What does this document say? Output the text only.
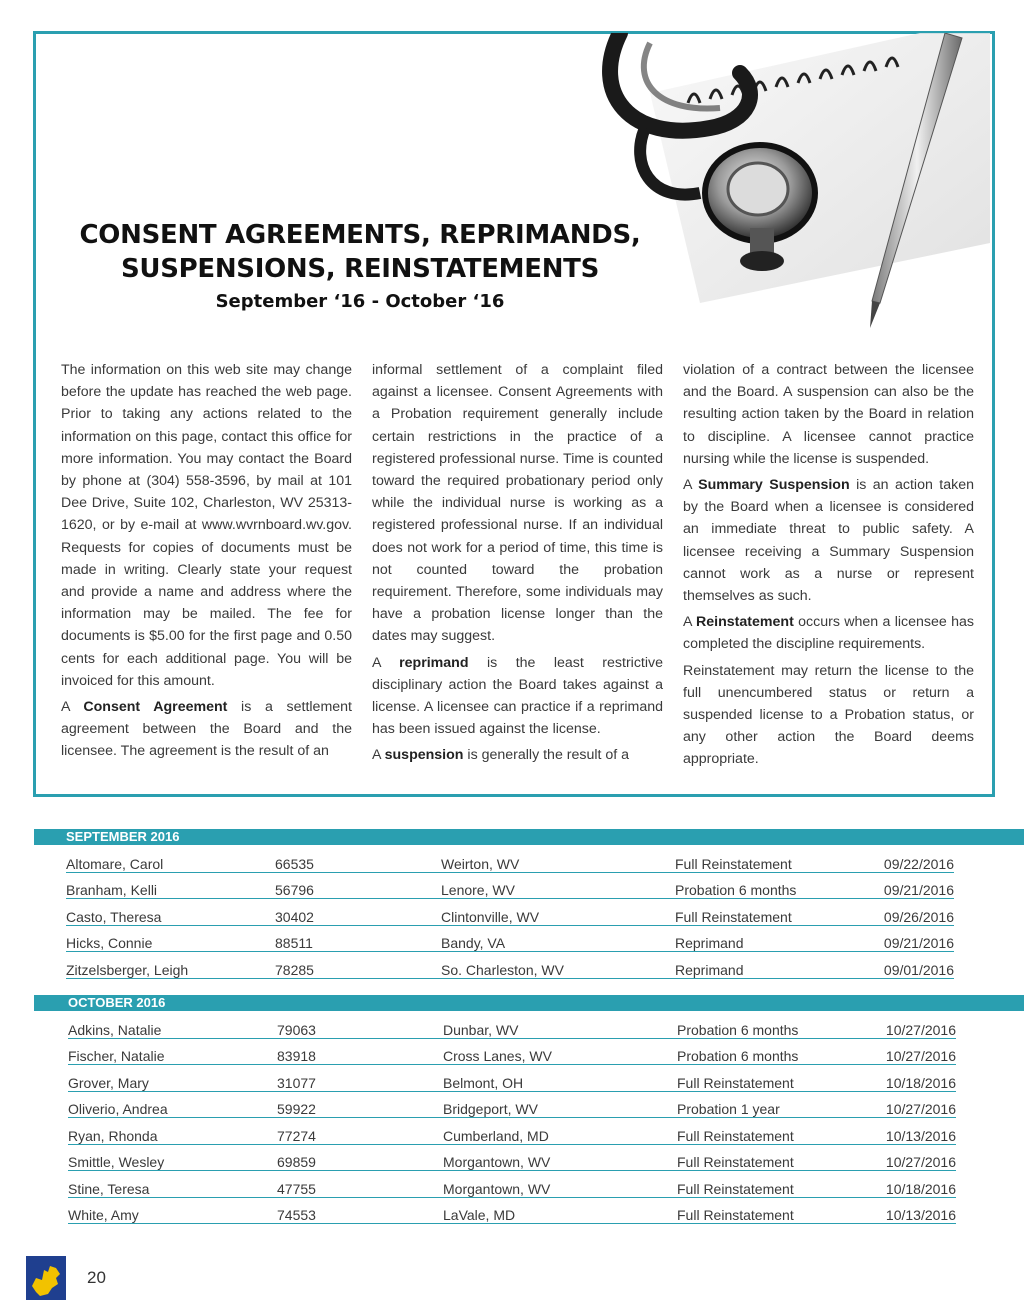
CONSENT AGREEMENTS, REPRIMANDS,
SUSPENSIONS, REINSTATEMENTS
September ‘16 - October ‘16

The information on this web site may change before the update has reached the web page. Prior to taking any actions related to the information on this page, contact this office for more information. You may contact the Board by phone at (304) 558-3596, by mail at 101 Dee Drive, Suite 102, Charleston, WV 25313-1620, or by e-mail at www.wvrnboard.wv.gov. Requests for copies of documents must be made in writing. Clearly state your request and provide a name and address where the information may be mailed. The fee for documents is $5.00 for the first page and 0.50 cents for each additional page. You will be invoiced for this amount.

A Consent Agreement is a settlement agreement between the Board and the licensee. The agreement is the result of an

informal settlement of a complaint filed against a licensee. Consent Agreements with a Probation requirement generally include certain restrictions in the practice of a registered professional nurse. Time is counted toward the required probationary period only while the individual nurse is working as a registered professional nurse. If an individual does not work for a period of time, this time is not counted toward the probation requirement. Therefore, some individuals may have a probation license longer than the dates may suggest.

A reprimand is the least restrictive disciplinary action the Board takes against a license. A licensee can practice if a reprimand has been issued against the license.

A suspension is generally the result of a

violation of a contract between the licensee and the Board. A suspension can also be the resulting action taken by the Board in relation to discipline. A licensee cannot practice nursing while the license is suspended.

A Summary Suspension is an action taken by the Board when a licensee is considered an immediate threat to public safety. A licensee receiving a Summary Suspension cannot work as a nurse or represent themselves as such.

A Reinstatement occurs when a licensee has completed the discipline requirements.

Reinstatement may return the license to the full unencumbered status or return a suspended license to a Probation status, or any other action the Board deems appropriate.

SEPTEMBER 2016
Altomare, Carol	66535	Weirton, WV	Full Reinstatement	09/22/2016
Branham, Kelli	56796	Lenore, WV	Probation 6 months	09/21/2016
Casto, Theresa	30402	Clintonville, WV	Full Reinstatement	09/26/2016
Hicks, Connie	88511	Bandy, VA	Reprimand	09/21/2016
Zitzelsberger, Leigh	78285	So. Charleston, WV	Reprimand	09/01/2016
OCTOBER 2016
Adkins, Natalie	79063	Dunbar, WV	Probation 6 months	10/27/2016
Fischer, Natalie	83918	Cross Lanes, WV	Probation 6 months	10/27/2016
Grover, Mary	31077	Belmont, OH	Full Reinstatement	10/18/2016
Oliverio, Andrea	59922	Bridgeport, WV	Probation 1 year	10/27/2016
Ryan, Rhonda	77274	Cumberland, MD	Full Reinstatement	10/13/2016
Smittle, Wesley	69859	Morgantown, WV	Full Reinstatement	10/27/2016
Stine, Teresa	47755	Morgantown, WV	Full Reinstatement	10/18/2016
White, Amy	74553	LaVale, MD	Full Reinstatement	10/13/2016
20
